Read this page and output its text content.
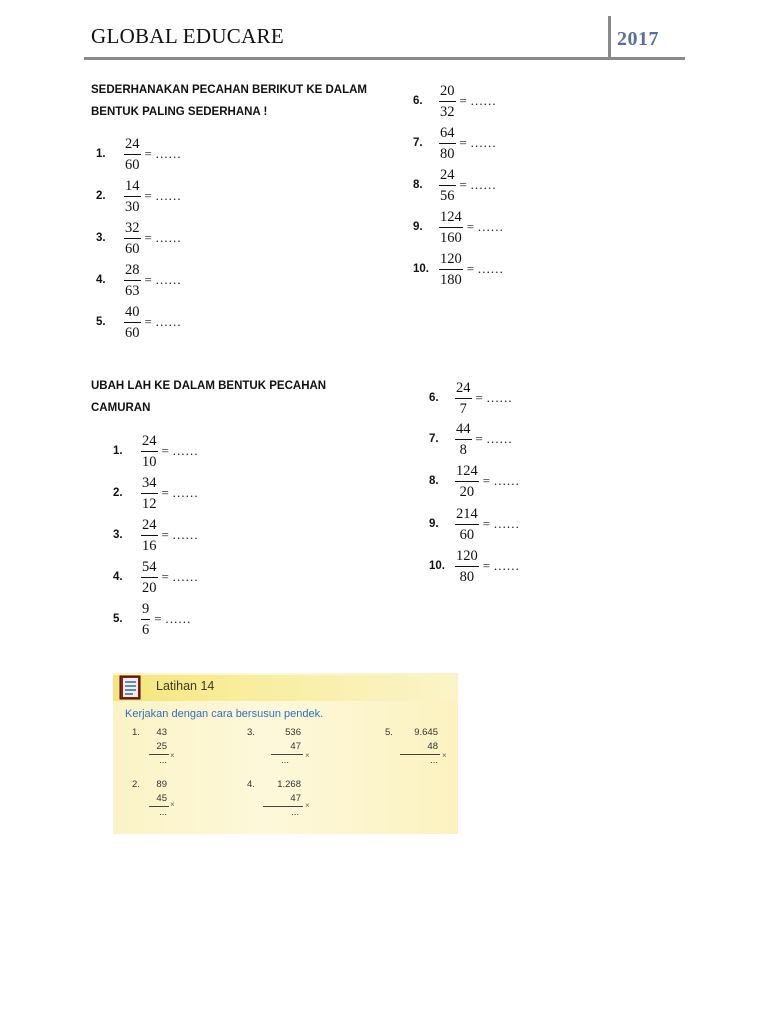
GLOBAL EDUCARE	2017
SEDERHANAKAN PECAHAN BERIKUT KE DALAM
BENTUK PALING SEDERHANA !
1.	$\frac{24}{60}$ = ……
2.	$\frac{14}{30}$ = ……
3.	$\frac{32}{60}$ = ……
4.	$\frac{28}{63}$ = ……
5.	$\frac{40}{60}$ = ……
6.	$\frac{20}{32}$ = ……
7.	$\frac{64}{80}$ = ……
8.	$\frac{24}{56}$ = ……
9.	$\frac{124}{160}$ = ……
10. $\frac{120}{180}$ = ……
UBAH LAH KE DALAM BENTUK PECAHAN
CAMURAN
1.	$\frac{24}{10}$ = ……
2.	$\frac{34}{12}$ = ……
3.	$\frac{24}{16}$ = ……
4.	$\frac{54}{20}$ = ……
5.	$\frac{9}{6}$ = ……
6.	$\frac{24}{7}$ = ……
7.	$\frac{44}{8}$ = ……
8.	$\frac{124}{20}$ = ……
9.	$\frac{214}{60}$ = ……
10. $\frac{120}{80}$ = ……
Latihan 14
Kerjakan dengan cara bersusun pendek.
1.	43
25
×
...
2.	89
45
×
...
3.	536
47
×
...
4.	1.268
47
×
...
5.	9.645
48
×
...
